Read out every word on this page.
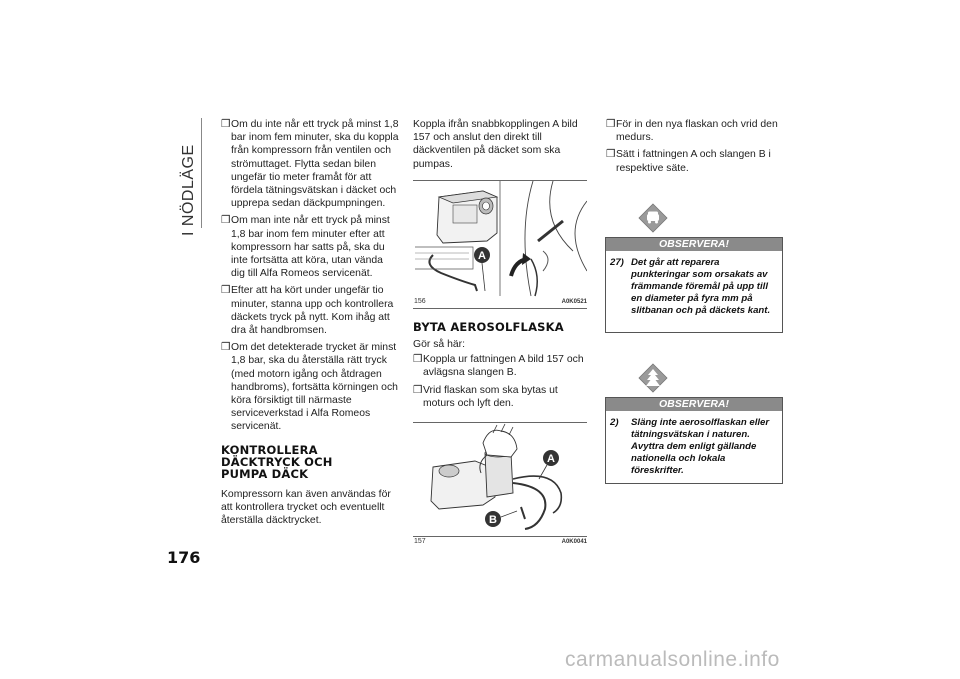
I NÖDLÄGE
176
❒ Om du inte når ett tryck på minst 1,8 bar inom fem minuter, ska du koppla från kompressorn från ventilen och strömuttaget. Flytta sedan bilen ungefär tio meter framåt för att fördela tätningsvätskan i däcket och upprepa sedan däckpumpningen.
❒ Om man inte når ett tryck på minst 1,8 bar inom fem minuter efter att kompressorn har satts på, ska du inte fortsätta att köra, utan vända dig till Alfa Romeos servicenät.
❒ Efter att ha kört under ungefär tio minuter, stanna upp och kontrollera däckets tryck på nytt. Kom ihåg att dra åt handbromsen.
❒ Om det detekterade trycket är minst 1,8 bar, ska du återställa rätt tryck (med motorn igång och åtdragen handbroms), fortsätta körningen och köra försiktigt till närmaste serviceverkstad i Alfa Romeos servicenät.
KONTROLLERA DÄCKTRYCK OCH PUMPA DÄCK
Kompressorn kan även användas för att kontrollera trycket och eventuellt återställa däcktrycket.
Koppla ifrån snabbkopplingen A bild 157 och anslut den direkt till däckventilen på däcket som ska pumpas.
A
156	A0K0521
BYTA AEROSOLFLASKA
Gör så här:
❒ Koppla ur fattningen A bild 157 och avlägsna slangen B.
❒ Vrid flaskan som ska bytas ut moturs och lyft den.
A
B
157	A0K0041
❒ För in den nya flaskan och vrid den medurs.
❒ Sätt i fattningen A och slangen B i respektive säte.
OBSERVERA!
27) Det går att reparera punkteringar som orsakats av främmande föremål på upp till en diameter på fyra mm på slitbanan och på däckets kant.
OBSERVERA!
2) Släng inte aerosolflaskan eller tätningsvätskan i naturen. Avyttra dem enligt gällande nationella och lokala föreskrifter.
carmanualsonline.info
